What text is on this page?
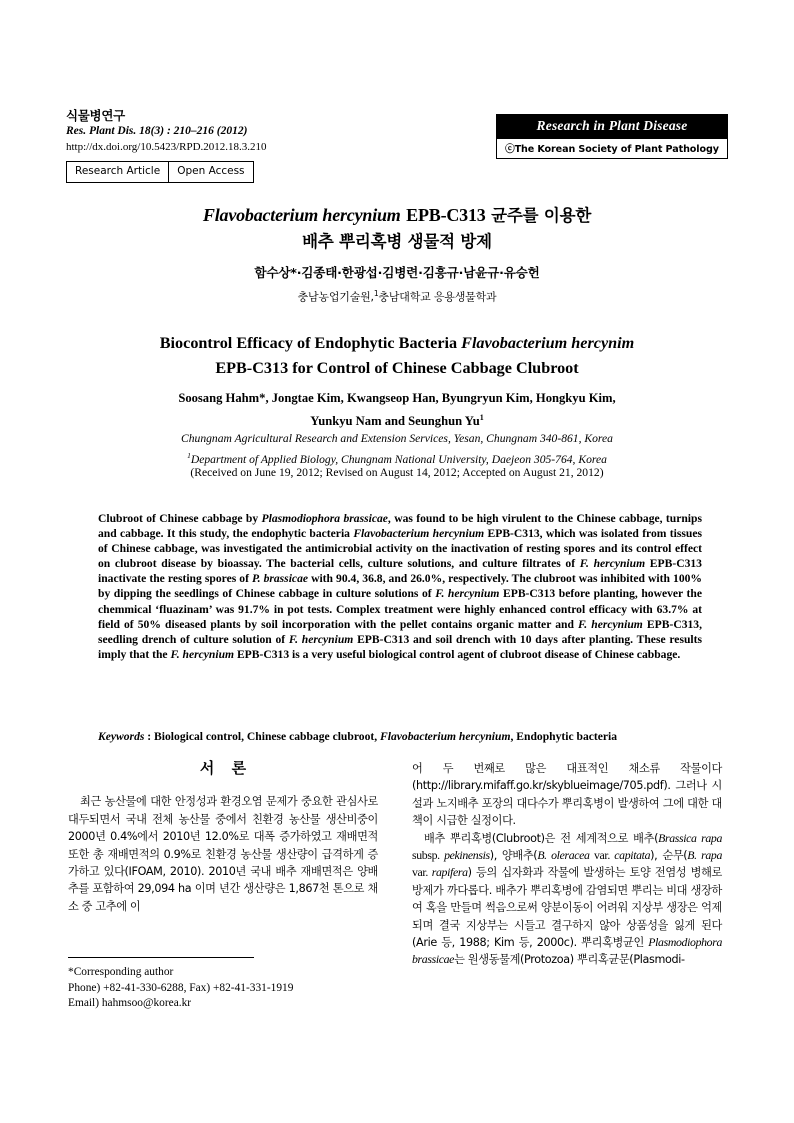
식물병연구
Res. Plant Dis. 18(3) : 210–216 (2012)
http://dx.doi.org/10.5423/RPD.2012.18.3.210
Research Article Open Access
Research in Plant Disease
ⓒThe Korean Society of Plant Pathology
Flavobacterium hercynium EPB-C313 균주를 이용한
배추 뿌리혹병 생물적 방제
함수상*·김종태·한광섭·김병련·김흥규·남윤규·유승헌
충남농업기술원,$^1$충남대학교 응용생물학과
Biocontrol Efficacy of Endophytic Bacteria Flavobacterium hercynim
EPB-C313 for Control of Chinese Cabbage Clubroot
Soosang Hahm*, Jongtae Kim, Kwangseop Han, Byungryun Kim, Hongkyu Kim,
Yunkyu Nam and Seunghun Yu$^1$
Chungnam Agricultural Research and Extension Services, Yesan, Chungnam 340-861, Korea
$^1$Department of Applied Biology, Chungnam National University, Daejeon 305-764, Korea
(Received on June 19, 2012; Revised on August 14, 2012; Accepted on August 21, 2012)
Clubroot of Chinese cabbage by Plasmodiophora brassicae, was found to be high virulent to the Chinese cabbage, turnips and cabbage. It this study, the endophytic bacteria Flavobacterium hercynium EPB-C313, which was isolated from tissues of Chinese cabbage, was investigated the antimicrobial activity on the inactivation of resting spores and its control effect on clubroot disease by bioassay. The bacterial cells, culture solutions, and culture filtrates of F. hercynium EPB-C313 inactivate the resting spores of P. brassicae with 90.4, 36.8, and 26.0%, respectively. The clubroot was inhibited with 100% by dipping the seedlings of Chinese cabbage in culture solutions of F. hercynium EPB-C313 before planting, however the chemmical ‘fluazinam’ was 91.7% in pot tests. Complex treatment were highly enhanced control efficacy with 63.7% at field of 50% diseased plants by soil incorporation with the pellet contains organic matter and F. hercynium EPB-C313, seedling drench of culture solution of F. hercynium EPB-C313 and soil drench with 10 days after planting. These results imply that the F. hercynium EPB-C313 is a very useful biological control agent of clubroot disease of Chinese cabbage.
Keywords : Biological control, Chinese cabbage clubroot, Flavobacterium hercynium, Endophytic bacteria
서 론

최근 농산물에 대한 안정성과 환경오염 문제가 중요한 관심사로 대두되면서 국내 전체 농산물 중에서 친환경 농산물 생산비중이 2000년 0.4%에서 2010년 12.0%로 대폭 증가하였고 재배면적 또한 총 재배면적의 0.9%로 친환경 농산물 생산량이 급격하게 증가하고 있다(IFOAM, 2010). 2010년 국내 배추 재배면적은 양배추를 포함하여 29,094 ha 이며 년간 생산량은 1,867천 톤으로 채소 중 고추에 이

어 두 번째로 많은 대표적인 채소류 작물이다(http://library.mifaff.go.kr/skyblueimage/705.pdf). 그러나 시설과 노지배추 포장의 대다수가 뿌리혹병이 발생하여 그에 대한 대책이 시급한 실정이다.

배추 뿌리혹병(Clubroot)은 전 세계적으로 배추(Brassica rapa subsp. pekinensis), 양배추(B. oleracea var. capitata), 순무(B. rapa var. rapifera) 등의 십자화과 작물에 발생하는 토양 전염성 병해로 방제가 까다롭다. 배추가 뿌리혹병에 감염되면 뿌리는 비대 생장하여 혹을 만들며 썩음으로써 양분이동이 어려워 지상부 생장은 억제되며 결국 지상부는 시들고 결구하지 않아 상품성을 잃게 된다(Arie 등, 1988; Kim 등, 2000c). 뿌리혹병균인 Plasmodiophora brassicae는 원생동물계(Protozoa) 뿌리혹균문(Plasmodi-

*Corresponding author
Phone) +82-41-330-6288, Fax) +82-41-331-1919
Email) hahmsoo@korea.kr
